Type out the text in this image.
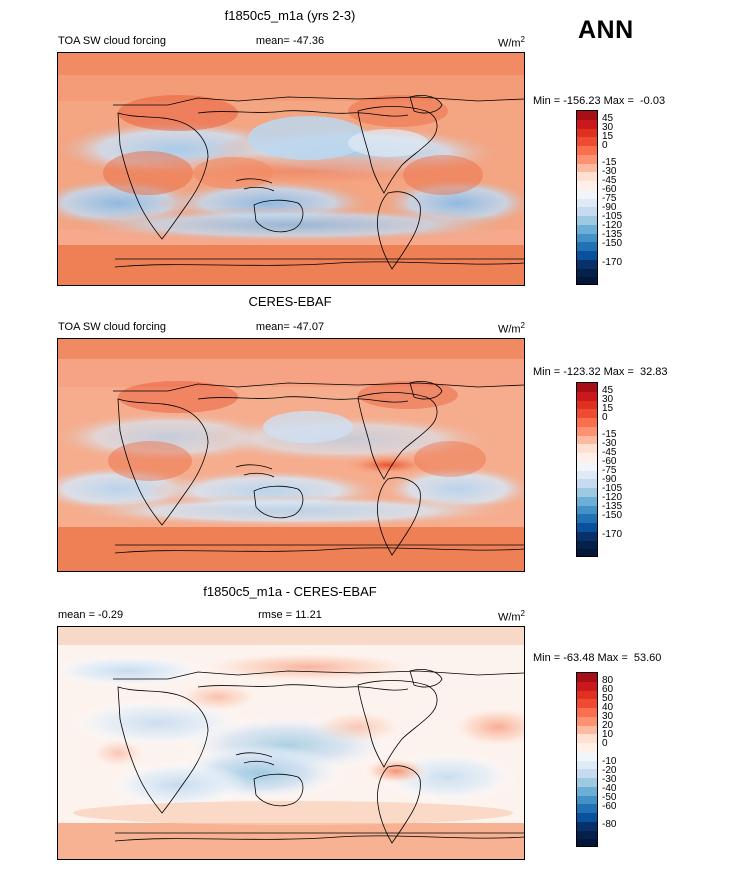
ANN
f1850c5_m1a (yrs 2-3)
TOA SW cloud forcing	mean= -47.36	$W/m^2$
Min = -156.23 Max =  -0.03
45
30
15
0
-15
-30
-45
-60
-75
-90
-105
-120
-135
-150
-170
CERES-EBAF
TOA SW cloud forcing	mean= -47.07	$W/m^2$
Min = -123.32 Max =  32.83
45
30
15
0
-15
-30
-45
-60
-75
-90
-105
-120
-135
-150
-170
f1850c5_m1a - CERES-EBAF
mean = -0.29	rmse = 11.21	$W/m^2$
Min = -63.48 Max =  53.60
80
60
50
40
30
20
10
0
-10
-20
-30
-40
-50
-60
-80
